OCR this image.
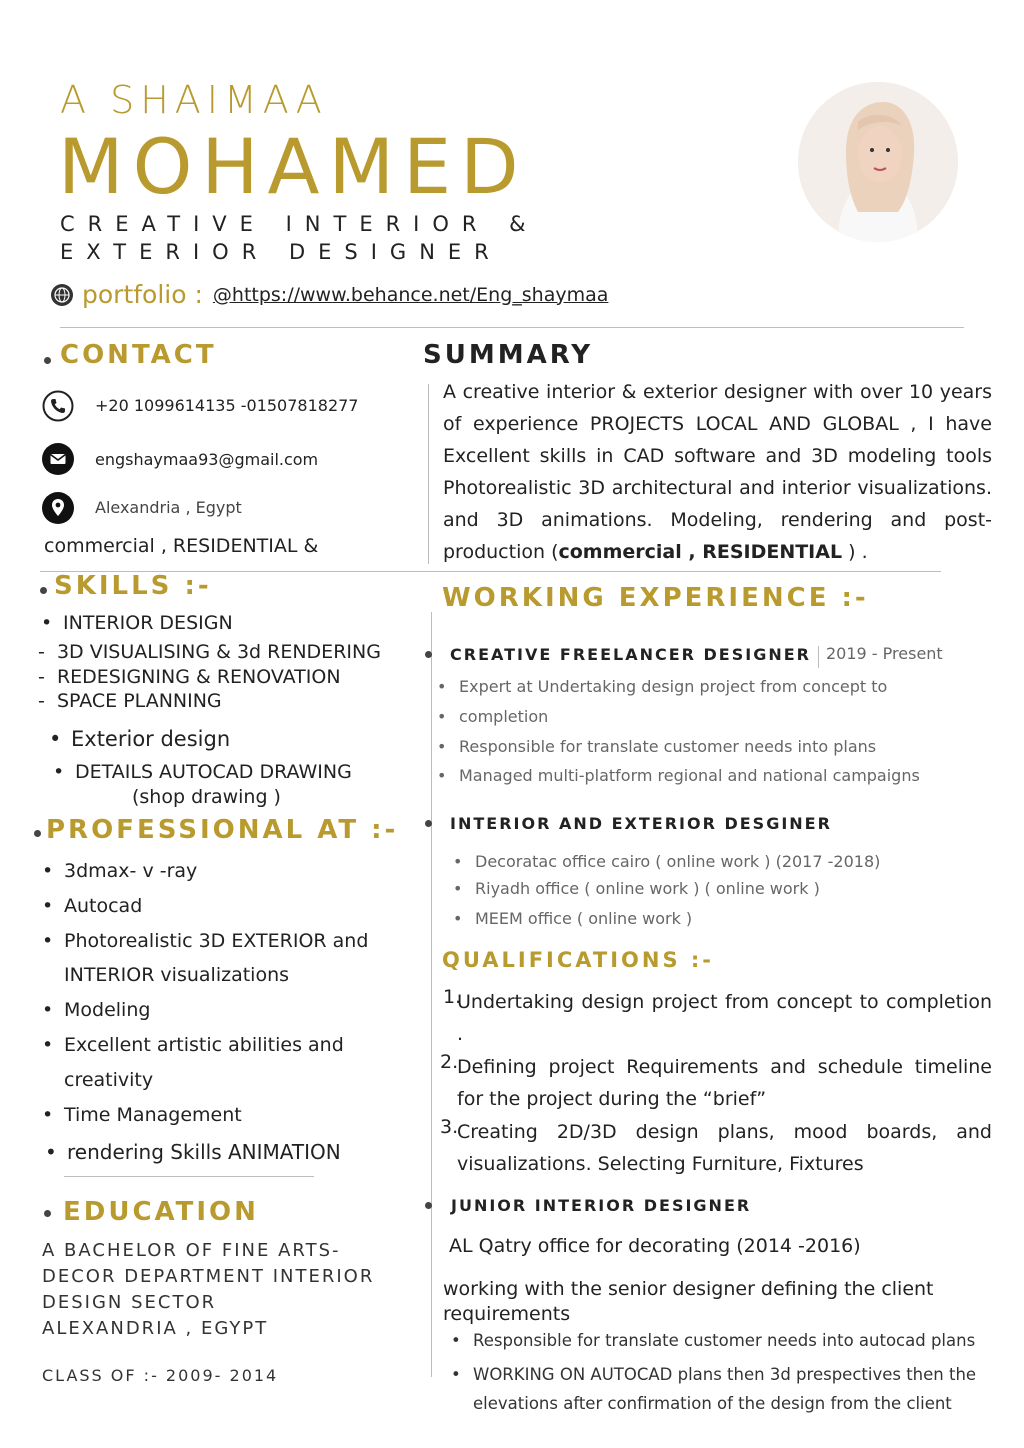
A SHAIMAA
MOHAMED
CREATIVE INTERIOR &
EXTERIOR DESIGNER
portfolio : @https://www.behance.net/Eng_shaymaa
CONTACT
+20 1099614135 -01507818277
engshaymaa93@gmail.com
Alexandria , Egypt
commercial , RESIDENTIAL &
SUMMARY
A creative interior & exterior designer with over 10 years of experience PROJECTS LOCAL AND GLOBAL , I have Excellent skills in CAD software and 3D modeling tools Photorealistic 3D architectural and interior visualizations. and 3D animations. Modeling, rendering and post-production (commercial , RESIDENTIAL ) .
SKILLS :-
• INTERIOR DESIGN
-  3D VISUALISING & 3d RENDERING
-  REDESIGNING & RENOVATION
-  SPACE PLANNING
• Exterior design
• DETAILS AUTOCAD DRAWING
(shop drawing )
PROFESSIONAL AT :-
• 3dmax- v -ray
• Autocad
• Photorealistic 3D EXTERIOR and
INTERIOR visualizations
• Modeling
• Excellent artistic abilities and
creativity
• Time Management
• rendering Skills ANIMATION
EDUCATION
A BACHELOR OF FINE ARTS-
DECOR DEPARTMENT INTERIOR
DESIGN SECTOR
ALEXANDRIA , EGYPT
CLASS OF :- 2009- 2014
WORKING EXPERIENCE :-
CREATIVE FREELANCER DESIGNER 2019 - Present
• Expert at Undertaking design project from concept to
• completion
• Responsible for translate customer needs into plans
• Managed multi-platform regional and national campaigns
INTERIOR AND EXTERIOR DESGINER
• Decoratac office cairo ( online work ) (2017 -2018)
• Riyadh office ( online work ) ( online work )
• MEEM office ( online work )
QUALIFICATIONS :-
1.
Undertaking design project from concept to completion .
2.
Defining project Requirements and schedule timeline for the project during the “brief”
3.
Creating 2D/3D design plans, mood boards, and visualizations. Selecting Furniture, Fixtures
JUNIOR INTERIOR DESIGNER
AL Qatry office for decorating (2014 -2016)
working with the senior designer defining the client requirements
• Responsible for translate customer needs into autocad plans
• WORKING ON AUTOCAD plans then 3d prespectives then the elevations after confirmation of the design from the client
